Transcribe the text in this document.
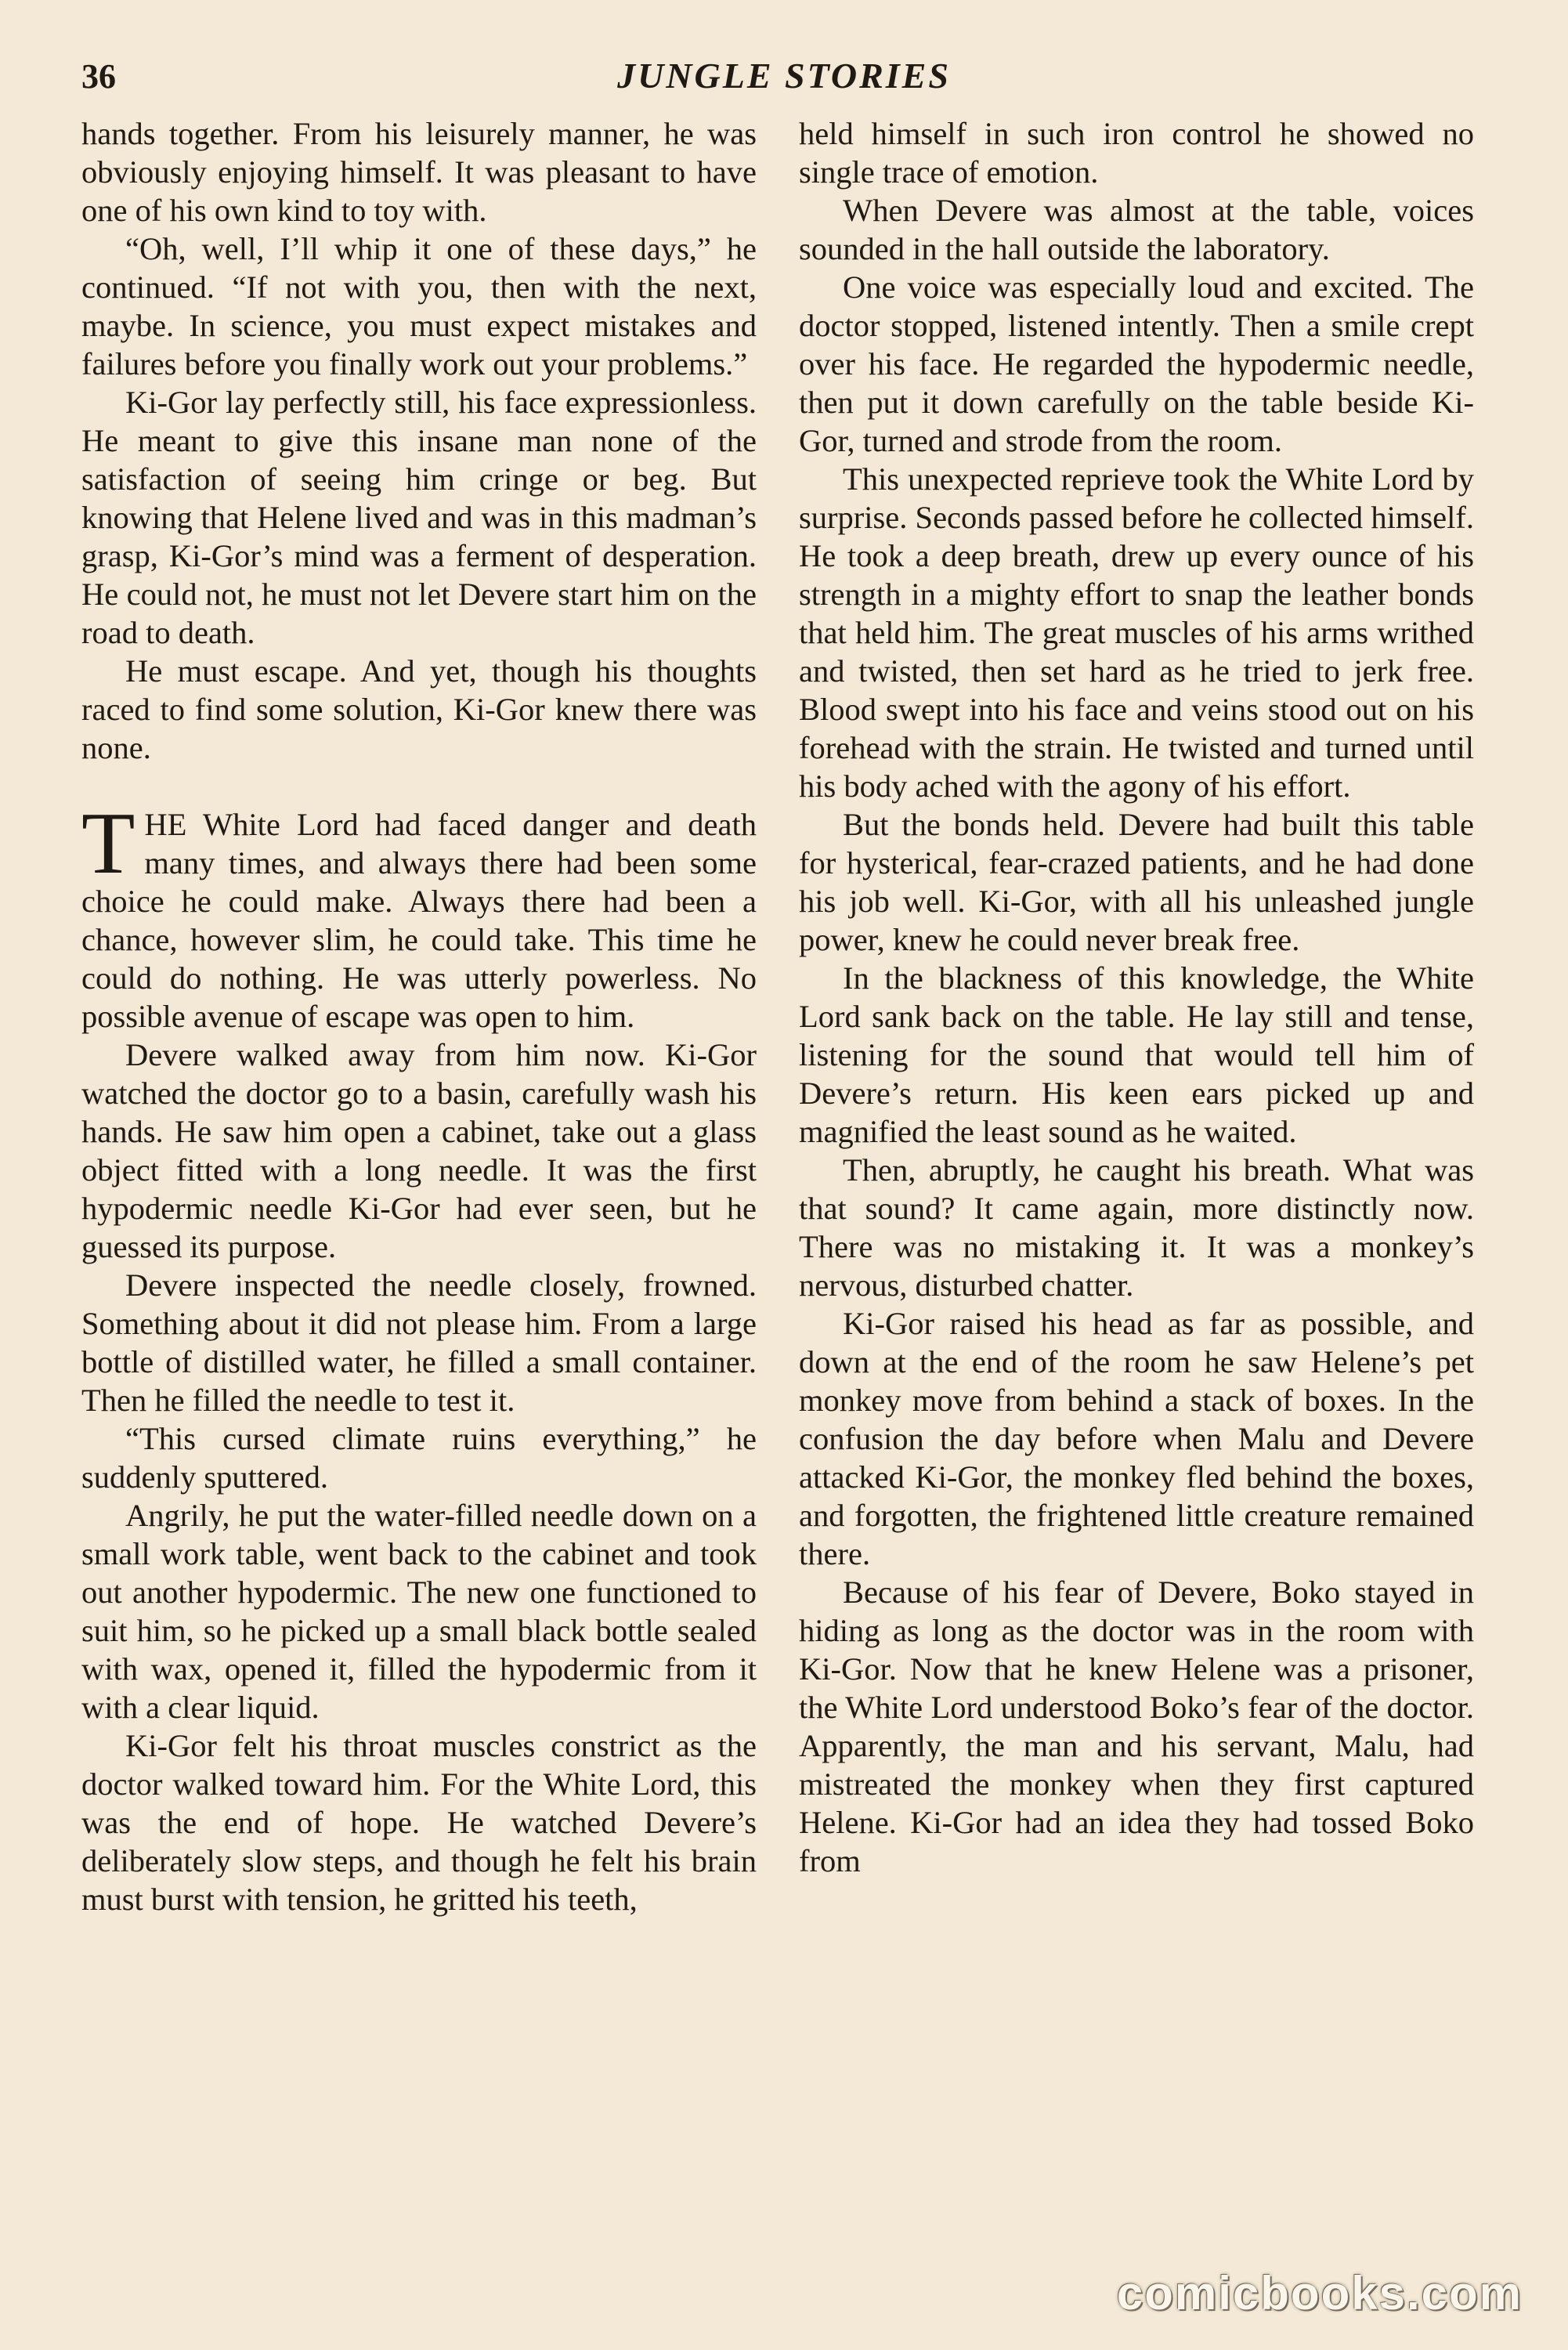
36	JUNGLE STORIES

hands together. From his leisurely manner, he was obviously enjoying himself. It was pleasant to have one of his own kind to toy with.

“Oh, well, I’ll whip it one of these days,” he continued. “If not with you, then with the next, maybe. In science, you must expect mistakes and failures before you finally work out your problems.”

Ki-Gor lay perfectly still, his face expressionless. He meant to give this insane man none of the satisfaction of seeing him cringe or beg. But knowing that Helene lived and was in this madman’s grasp, Ki-Gor’s mind was a ferment of desperation. He could not, he must not let Devere start him on the road to death.

He must escape. And yet, though his thoughts raced to find some solution, Ki-Gor knew there was none.

THE White Lord had faced danger and death many times, and always there had been some choice he could make. Always there had been a chance, however slim, he could take. This time he could do nothing. He was utterly powerless. No possible avenue of escape was open to him.

Devere walked away from him now. Ki-Gor watched the doctor go to a basin, carefully wash his hands. He saw him open a cabinet, take out a glass object fitted with a long needle. It was the first hypodermic needle Ki-Gor had ever seen, but he guessed its purpose.

Devere inspected the needle closely, frowned. Something about it did not please him. From a large bottle of distilled water, he filled a small container. Then he filled the needle to test it.

“This cursed climate ruins everything,” he suddenly sputtered.

Angrily, he put the water-filled needle down on a small work table, went back to the cabinet and took out another hypodermic. The new one functioned to suit him, so he picked up a small black bottle sealed with wax, opened it, filled the hypodermic from it with a clear liquid.

Ki-Gor felt his throat muscles constrict as the doctor walked toward him. For the White Lord, this was the end of hope. He watched Devere’s deliberately slow steps, and though he felt his brain must burst with tension, he gritted his teeth,

held himself in such iron control he showed no single trace of emotion.

When Devere was almost at the table, voices sounded in the hall outside the laboratory.

One voice was especially loud and excited. The doctor stopped, listened intently. Then a smile crept over his face. He regarded the hypodermic needle, then put it down carefully on the table beside Ki-Gor, turned and strode from the room.

This unexpected reprieve took the White Lord by surprise. Seconds passed before he collected himself. He took a deep breath, drew up every ounce of his strength in a mighty effort to snap the leather bonds that held him. The great muscles of his arms writhed and twisted, then set hard as he tried to jerk free. Blood swept into his face and veins stood out on his forehead with the strain. He twisted and turned until his body ached with the agony of his effort.

But the bonds held. Devere had built this table for hysterical, fear-crazed patients, and he had done his job well. Ki-Gor, with all his unleashed jungle power, knew he could never break free.

In the blackness of this knowledge, the White Lord sank back on the table. He lay still and tense, listening for the sound that would tell him of Devere’s return. His keen ears picked up and magnified the least sound as he waited.

Then, abruptly, he caught his breath. What was that sound? It came again, more distinctly now. There was no mistaking it. It was a monkey’s nervous, disturbed chatter.

Ki-Gor raised his head as far as possible, and down at the end of the room he saw Helene’s pet monkey move from behind a stack of boxes. In the confusion the day before when Malu and Devere attacked Ki-Gor, the monkey fled behind the boxes, and forgotten, the frightened little creature remained there.

Because of his fear of Devere, Boko stayed in hiding as long as the doctor was in the room with Ki-Gor. Now that he knew Helene was a prisoner, the White Lord understood Boko’s fear of the doctor. Apparently, the man and his servant, Malu, had mistreated the monkey when they first captured Helene. Ki-Gor had an idea they had tossed Boko from

comicbooks.com
